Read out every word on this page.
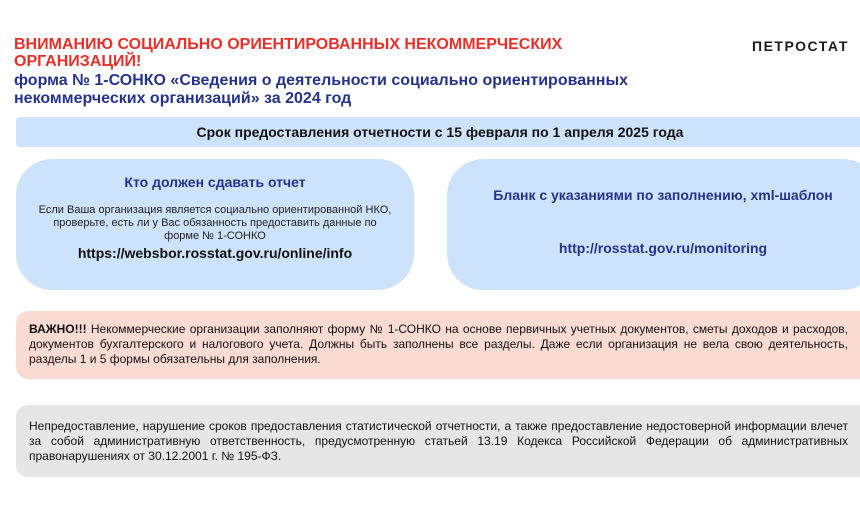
ВНИМАНИЮ СОЦИАЛЬНО ОРИЕНТИРОВАННЫХ НЕКОММЕРЧЕСКИХ ОРГАНИЗАЦИЙ!
форма № 1-СОНКО «Сведения о деятельности социально ориентированных некоммерческих организаций» за 2024 год
ПЕТРОСТАТ
Срок предоставления отчетности с 15 февраля по 1 апреля 2025 года
Кто должен сдавать отчет
Если Ваша организация является социально ориентированной НКО, проверьте, есть ли у Вас обязанность предоставить данные по форме № 1-СОНКО
https://websbor.rosstat.gov.ru/online/info
Бланк с указаниями по заполнению, xml-шаблон
http://rosstat.gov.ru/monitoring
ВАЖНО!!! Некоммерческие организации заполняют форму № 1-СОНКО на основе первичных учетных документов, сметы доходов и расходов, документов бухгалтерского и налогового учета. Должны быть заполнены все разделы. Даже если организация не вела свою деятельность, разделы 1 и 5 формы обязательны для заполнения.
Непредоставление, нарушение сроков предоставления статистической отчетности, а также предоставление недостоверной информации влечет за собой административную ответственность, предусмотренную статьей 13.19 Кодекса Российской Федерации об административных правонарушениях от 30.12.2001 г. № 195-ФЗ.
